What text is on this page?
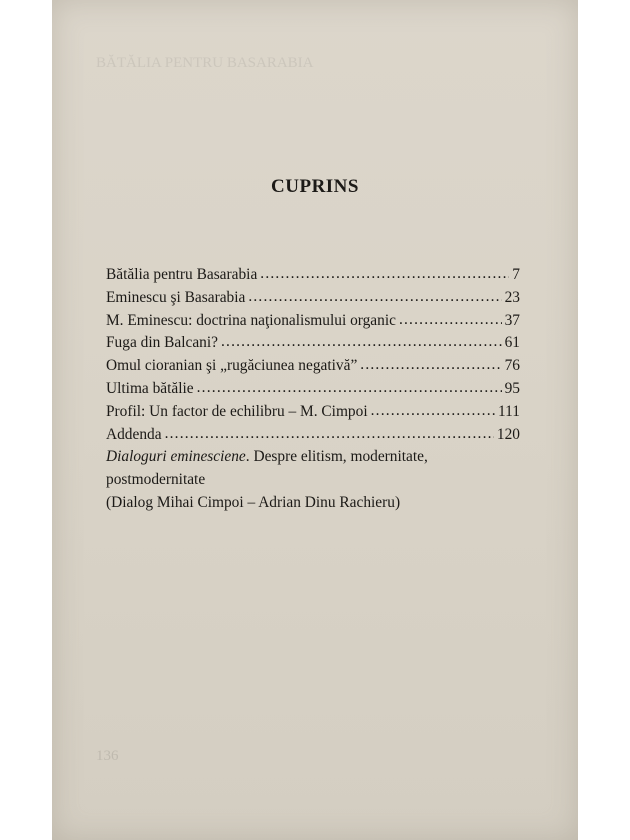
BĂTĂLIA PENTRU BASARABIA
CUPRINS
Bătălia pentru Basarabia .....	7
Eminescu şi Basarabia .....	23
M. Eminescu: doctrina naţionalismului organic .....	37
Fuga din Balcani? .....	61
Omul cioranian şi „rugăciunea negativă” .....	76
Ultima bătălie .....	95
Profil: Un factor de echilibru – M. Cimpoi .....	111
Addenda .....	120
Dialoguri eminesciene. Despre elitism, modernitate,
postmodernitate
(Dialog Mihai Cimpoi – Adrian Dinu Rachieru)
136
